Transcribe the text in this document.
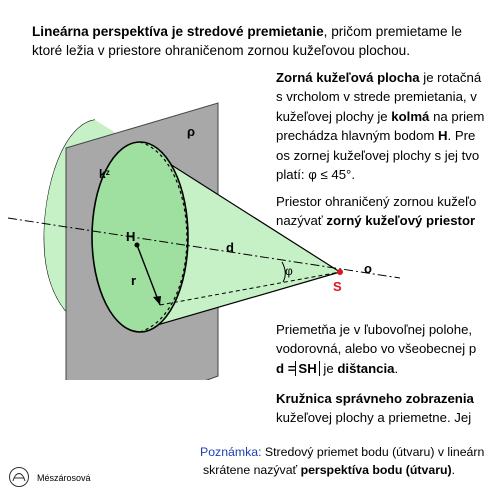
Lineárna perspektíva je stredové premietanie, pričom premietame le
ktoré ležia v priestore ohraničenom zornou kužeľovou plochou.
ρ
kᶻ
H
d
r
φ
S
o
Zorná kužeľová plocha je rotačná
s vrcholom v strede premietania, v
kužeľovej plochy je kolmá na priem
prechádza hlavným bodom H. Pre
os zornej kužeľovej plochy s jej tvo
platí: φ ≤ 45°.
Priestor ohraničený zornou kužeľo
nazývať zorný kužeľový priestor
Priemetňa je v ľubovoľnej polohe,
vodorovná, alebo vo všeobecnej p
d = SH je dištancia.
Kružnica správneho zobrazenia
kužeľovej plochy a priemetne. Jej
Poznámka: Stredový priemet bodu (útvaru) v lineárn
skrátene nazývať perspektíva bodu (útvaru).
Mészárosová
